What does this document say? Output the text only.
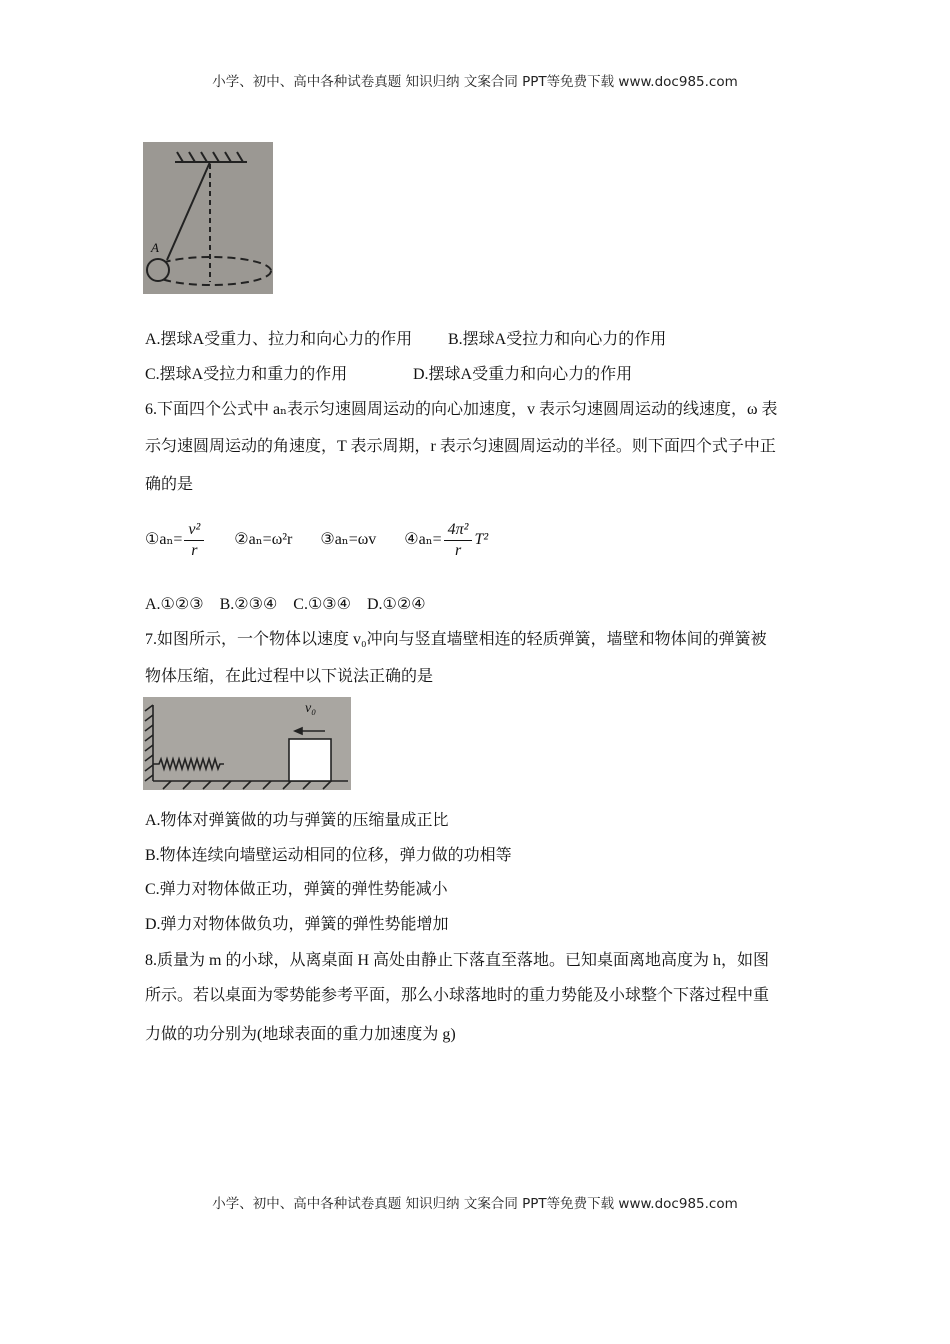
小学、初中、高中各种试卷真题 知识归纳 文案合同 PPT等免费下载 www.doc985.com
A
A.摆球A受重力、拉力和向心力的作用 B.摆球A受拉力和向心力的作用
C.摆球A受拉力和重力的作用	D.摆球A受重力和向心力的作用
6.下面四个公式中 aₙ表示匀速圆周运动的向心加速度，v 表示匀速圆周运动的线速度，ω 表
示匀速圆周运动的角速度，T 表示周期，r 表示匀速圆周运动的半径。则下面四个式子中正
确的是
①aₙ= $\frac{\text{v²}}{r}$ ②aₙ=ω²r ③aₙ=ωv ④aₙ= $\frac{\text{4π²}}{r} T^2$
A.①②③    B.②③④    C.①③④    D.①②④
7.如图所示，一个物体以速度 v₀冲向与竖直墙壁相连的轻质弹簧，墙壁和物体间的弹簧被
物体压缩，在此过程中以下说法正确的是
v₀
A.物体对弹簧做的功与弹簧的压缩量成正比
B.物体连续向墙壁运动相同的位移，弹力做的功相等
C.弹力对物体做正功，弹簧的弹性势能减小
D.弹力对物体做负功，弹簧的弹性势能增加
8.质量为 m 的小球，从离桌面 H 高处由静止下落直至落地。已知桌面离地高度为 h，如图
所示。若以桌面为零势能参考平面，那么小球落地时的重力势能及小球整个下落过程中重
力做的功分别为(地球表面的重力加速度为 g)
小学、初中、高中各种试卷真题 知识归纳 文案合同 PPT等免费下载 www.doc985.com
